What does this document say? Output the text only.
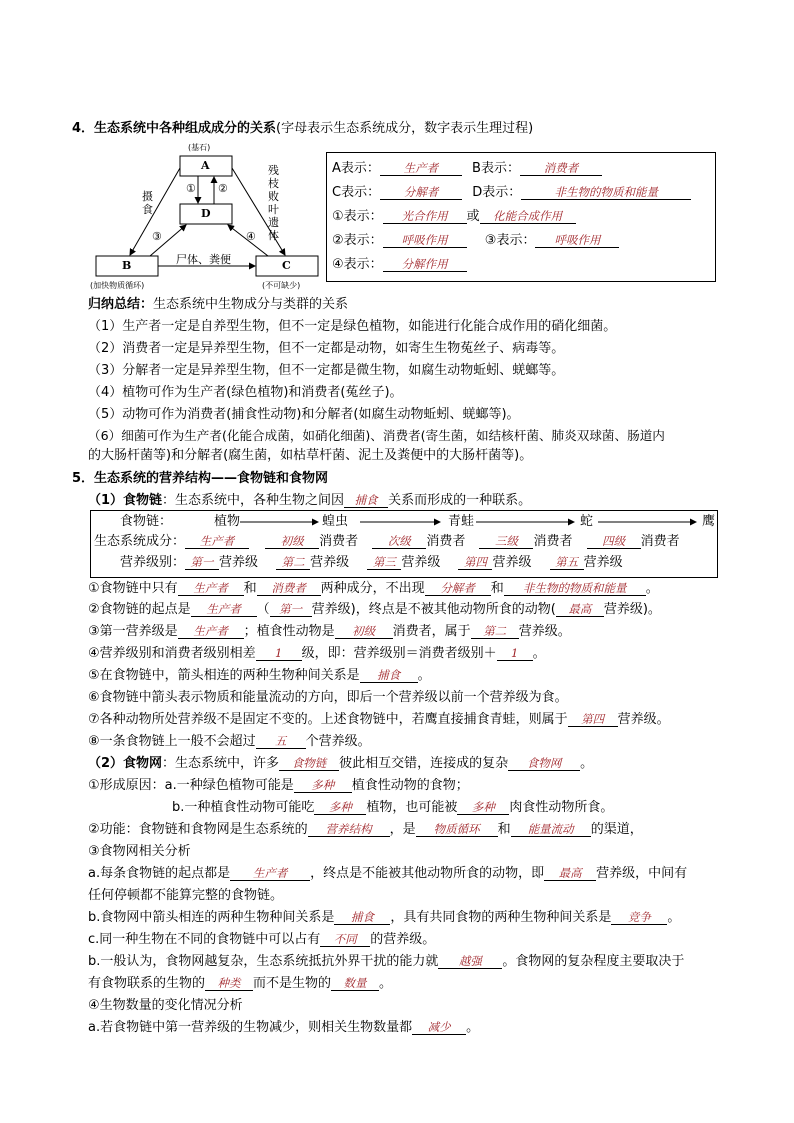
4．生态系统中各种组成成分的关系(字母表示生态系统成分，数字表示生理过程)
(基石)
A
D
B	C
① ②
③	④
摄食
残枝败叶遗体
尸体、粪便
(加快物质循环)	(不可缺少)
A表示： 生产者	B表示： 消费者
C表示： 分解者	D表示：	非生物的物质和能量
①表示： 光合作用 或 化能合成作用
②表示： 呼吸作用	③表示： 呼吸作用
④表示： 分解作用
归纳总结：生态系统中生物成分与类群的关系
（1）生产者一定是自养型生物，但不一定是绿色植物，如能进行化能合成作用的硝化细菌。
（2）消费者一定是异养型生物，但不一定都是动物，如寄生生物菟丝子、病毒等。
（3）分解者一定是异养型生物，但不一定都是微生物，如腐生动物蚯蚓、蜣螂等。
（4）植物可作为生产者(绿色植物)和消费者(菟丝子)。
（5）动物可作为消费者(捕食性动物)和分解者(如腐生动物蚯蚓、蜣螂等)。
（6）细菌可作为生产者(化能合成菌，如硝化细菌)、消费者(寄生菌，如结核杆菌、肺炎双球菌、肠道内
的大肠杆菌等)和分解者(腐生菌，如枯草杆菌、泥土及粪便中的大肠杆菌等)。
5．生态系统的营养结构——食物链和食物网
（1）食物链：生态系统中，各种生物之间因 捕食 关系而形成的一种联系。
食物链：	植物	蝗虫	青蛙	蛇	鹰
生态系统成分： 生产者	初级 消费者	次级 消费者	三级 消费者	四级 消费者
营养级别： 第一 营养级 第二 营养级 第三 营养级 第四 营养级 第五 营养级
①食物链中只有 生产者 和 消费者 两种成分，不出现 分解者 和 非生物的物质和能量 。
②食物链的起点是 生产者 （ 第一 营养级)，终点是不被其他动物所食的动物( 最高 营养级)。
③第一营养级是 生产者 ；植食性动物是 初级 消费者，属于 第二 营养级。
④营养级别和消费者级别相差 1 级，即：营养级别＝消费者级别＋ 1 。
⑤在食物链中，箭头相连的两种生物种间关系是 捕食 。
⑥食物链中箭头表示物质和能量流动的方向，即后一个营养级以前一个营养级为食。
⑦各种动物所处营养级不是固定不变的。上述食物链中，若鹰直接捕食青蛙，则属于 第四 营养级。
⑧一条食物链上一般不会超过 五 个营养级。
（2）食物网：生态系统中，许多 食物链 彼此相互交错，连接成的复杂 食物网 。
①形成原因：a.一种绿色植物可能是 多种 植食性动物的食物；
b.一种植食性动物可能吃 多种 植物，也可能被 多种 肉食性动物所食。
②功能：食物链和食物网是生态系统的 营养结构 ，是 物质循环 和 能量流动 的渠道，
③食物网相关分析
a.每条食物链的起点都是 生产者 ，终点是不能被其他动物所食的动物，即 最高 营养级，中间有
任何停顿都不能算完整的食物链。
b.食物网中箭头相连的两种生物种间关系是 捕食 ，具有共同食物的两种生物种间关系是 竞争 。
c.同一种生物在不同的食物链中可以占有 不同 的营养级。
b.一般认为，食物网越复杂，生态系统抵抗外界干扰的能力就 越强 。食物网的复杂程度主要取决于
有食物联系的生物的 种类 而不是生物的 数量 。
④生物数量的变化情况分析
a.若食物链中第一营养级的生物减少，则相关生物数量都 减少 。
